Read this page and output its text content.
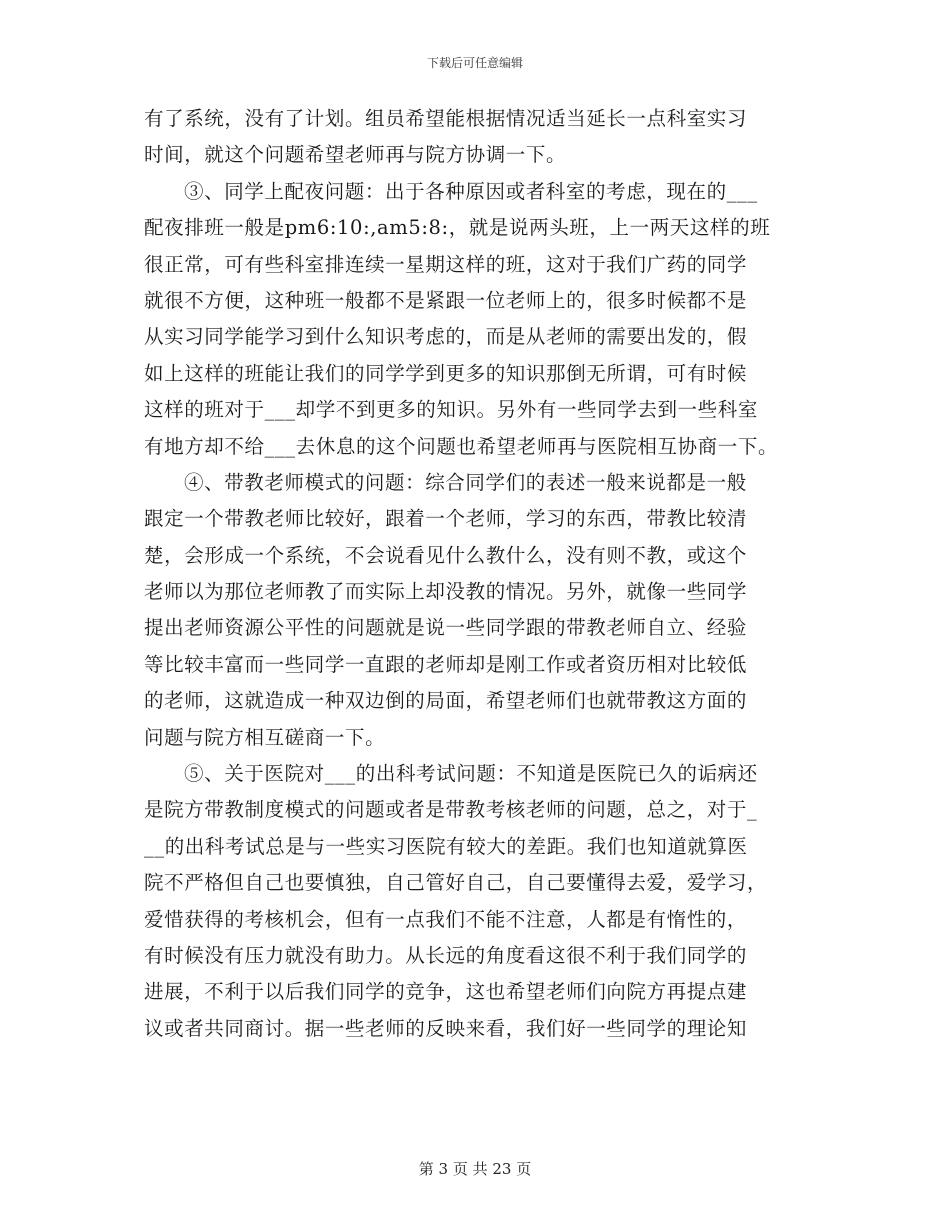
下载后可任意编辑
有了系统，没有了计划。组员希望能根据情况适当延长一点科室实习
时间，就这个问题希望老师再与院方协调一下。
③、同学上配夜问题：出于各种原因或者科室的考虑，现在的___
配夜排班一般是pm6:10:,am5:8:，就是说两头班，上一两天这样的班
很正常，可有些科室排连续一星期这样的班，这对于我们广药的同学
就很不方便，这种班一般都不是紧跟一位老师上的，很多时候都不是
从实习同学能学习到什么知识考虑的，而是从老师的需要出发的，假
如上这样的班能让我们的同学学到更多的知识那倒无所谓，可有时候
这样的班对于___却学不到更多的知识。另外有一些同学去到一些科室
有地方却不给___去休息的这个问题也希望老师再与医院相互协商一下。
④、带教老师模式的问题：综合同学们的表述一般来说都是一般
跟定一个带教老师比较好，跟着一个老师，学习的东西，带教比较清
楚，会形成一个系统，不会说看见什么教什么，没有则不教，或这个
老师以为那位老师教了而实际上却没教的情况。另外，就像一些同学
提出老师资源公平性的问题就是说一些同学跟的带教老师自立、经验
等比较丰富而一些同学一直跟的老师却是刚工作或者资历相对比较低
的老师，这就造成一种双边倒的局面，希望老师们也就带教这方面的
问题与院方相互磋商一下。
⑤、关于医院对___的出科考试问题：不知道是医院已久的诟病还
是院方带教制度模式的问题或者是带教考核老师的问题，总之，对于_
__的出科考试总是与一些实习医院有较大的差距。我们也知道就算医
院不严格但自己也要慎独，自己管好自己，自己要懂得去爱，爱学习，
爱惜获得的考核机会，但有一点我们不能不注意，人都是有惰性的，
有时候没有压力就没有助力。从长远的角度看这很不利于我们同学的
进展，不利于以后我们同学的竞争，这也希望老师们向院方再提点建
议或者共同商讨。据一些老师的反映来看，我们好一些同学的理论知
第 3 页 共 23 页
